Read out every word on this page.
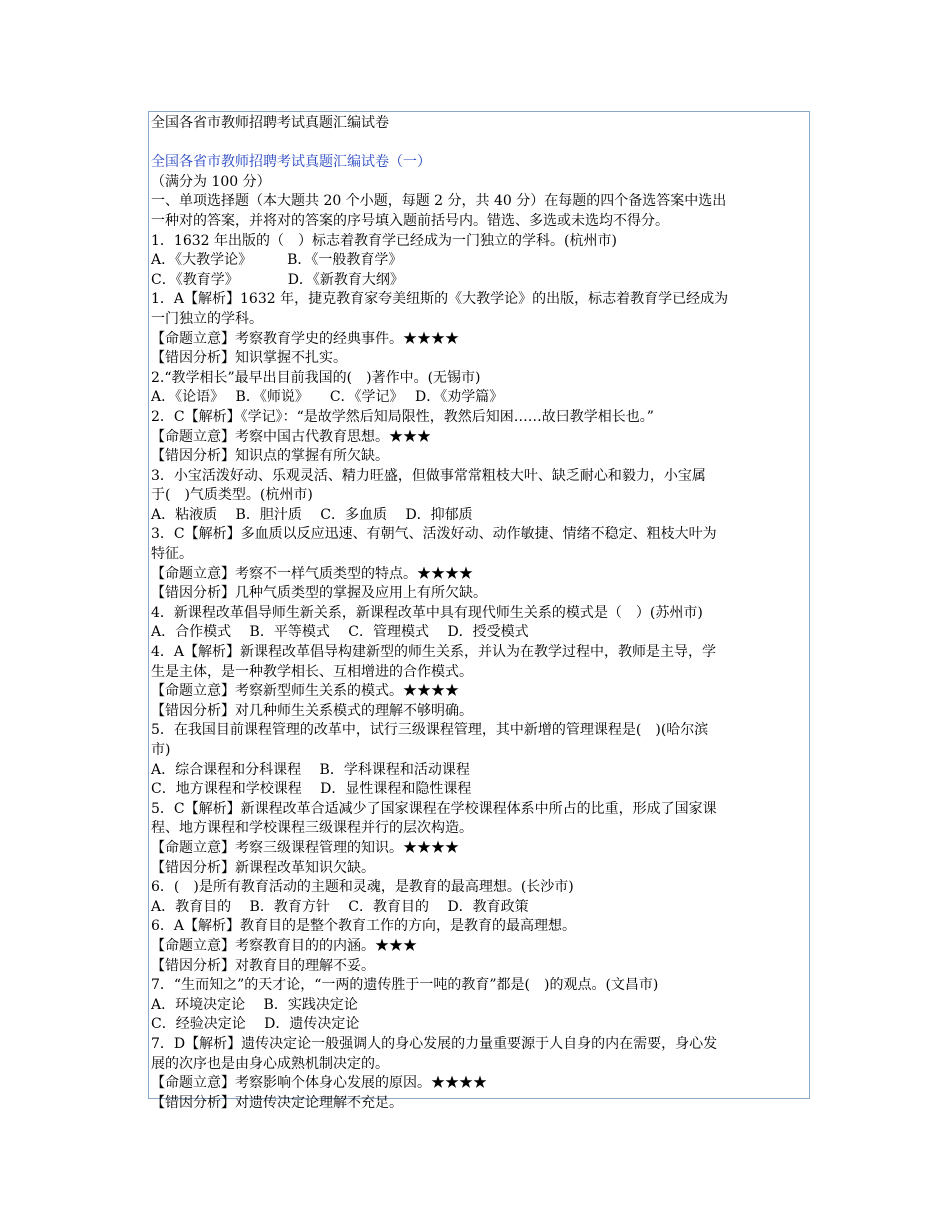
全国各省市教师招聘考试真题汇编试卷
全国各省市教师招聘考试真题汇编试卷（一）
（满分为 100 分）
一、单项选择题（本大题共 20 个小题，每题 2 分，共 40 分）在每题的四个备选答案中选出
一种对的答案，并将对的答案的序号填入题前括号内。错选、多选或未选均不得分。
1．1632 年出版的（　）标志着教育学已经成为一门独立的学科。(杭州市)
A．《大教学论》　　　B．《一般教育学》
C．《教育学》　　　　D．《新教育大纲》
1．A【解析】1632 年，捷克教育家夸美纽斯的《大教学论》的出版，标志着教育学已经成为
一门独立的学科。
【命题立意】考察教育学史的经典事件。★★★★
【错因分析】知识掌握不扎实。
2.“教学相长”最早出目前我国的(　)著作中。(无锡市)
A．《论语》　 B．《师说》　　C．《学记》　 D．《劝学篇》
2．C【解析】《学记》：“是故学然后知局限性，教然后知困……故曰教学相长也。”
【命题立意】考察中国古代教育思想。★★★
【错因分析】知识点的掌握有所欠缺。
3．小宝活泼好动、乐观灵活、精力旺盛，但做事常常粗枝大叶、缺乏耐心和毅力，小宝属
于(　)气质类型。(杭州市)
A．粘液质　 B．胆汁质　 C．多血质　 D．抑郁质
3．C【解析】多血质以反应迅速、有朝气、活泼好动、动作敏捷、情绪不稳定、粗枝大叶为
特征。
【命题立意】考察不一样气质类型的特点。★★★★
【错因分析】几种气质类型的掌握及应用上有所欠缺。
4．新课程改革倡导师生新关系，新课程改革中具有现代师生关系的模式是（　）(苏州市)
A．合作模式　 B．平等模式　 C．管理模式　 D．授受模式
4．A【解析】新课程改革倡导构建新型的师生关系，并认为在教学过程中，教师是主导，学
生是主体，是一种教学相长、互相增进的合作模式。
【命题立意】考察新型师生关系的模式。★★★★
【错因分析】对几种师生关系模式的理解不够明确。
5．在我国目前课程管理的改革中，试行三级课程管理，其中新增的管理课程是(　)(哈尔滨
市)
A．综合课程和分科课程　 B．学科课程和活动课程
C．地方课程和学校课程　 D．显性课程和隐性课程
5．C【解析】新课程改革合适减少了国家课程在学校课程体系中所占的比重，形成了国家课
程、地方课程和学校课程三级课程并行的层次构造。
【命题立意】考察三级课程管理的知识。★★★★
【错因分析】新课程改革知识欠缺。
6．(　)是所有教育活动的主题和灵魂，是教育的最高理想。(长沙市)
A．教育目的　 B．教育方针　 C．教育目的　 D．教育政策
6．A【解析】教育目的是整个教育工作的方向，是教育的最高理想。
【命题立意】考察教育目的的内涵。★★★
【错因分析】对教育目的理解不妥。
7．“生而知之”的天才论，“一两的遗传胜于一吨的教育”都是(　)的观点。(文昌市)
A．环境决定论　 B．实践决定论
C．经验决定论　 D．遗传决定论
7．D【解析】遗传决定论一般强调人的身心发展的力量重要源于人自身的内在需要，身心发
展的次序也是由身心成熟机制决定的。
【命题立意】考察影响个体身心发展的原因。★★★★
【错因分析】对遗传决定论理解不充足。
